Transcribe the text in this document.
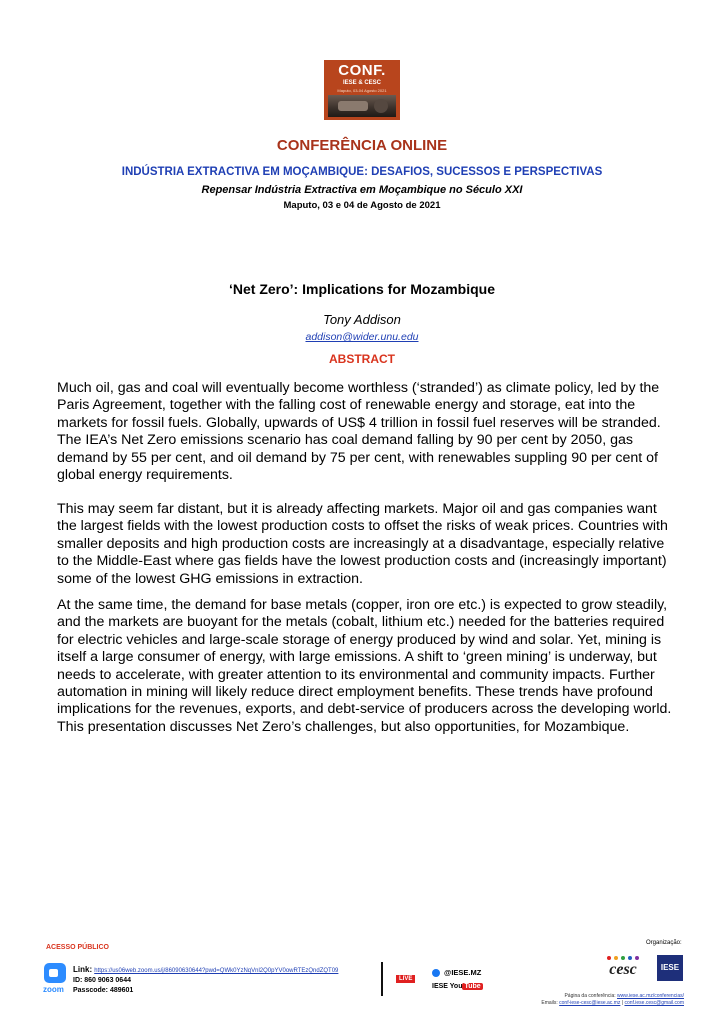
CONF.
IESE & CESC
Maputo, 03-04 Agosto 2021
CONFERÊNCIA ONLINE
INDÚSTRIA EXTRACTIVA EM MOÇAMBIQUE: DESAFIOS, SUCESSOS E PERSPECTIVAS
Repensar Indústria Extractiva em Moçambique no Século XXI
Maputo, 03 e 04 de Agosto de 2021
‘Net Zero’: Implications for Mozambique
Tony Addison
addison@wider.unu.edu
ABSTRACT
Much oil, gas and coal will eventually become worthless (‘stranded’) as climate policy, led by the Paris Agreement, together with the falling cost of renewable energy and storage, eat into the markets for fossil fuels. Globally, upwards of US$ 4 trillion in fossil fuel reserves will be stranded. The IEA’s Net Zero emissions scenario has coal demand falling by 90 per cent by 2050, gas demand by 55 per cent, and oil demand by 75 per cent, with renewables suppling 90 per cent of global energy requirements.
This may seem far distant, but it is already affecting markets. Major oil and gas companies want the largest fields with the lowest production costs to offset the risks of weak prices. Countries with smaller deposits and high production costs are increasingly at a disadvantage, especially relative to the Middle-East where gas fields have the lowest production costs and (increasingly important) some of the lowest GHG emissions in extraction.
At the same time, the demand for base metals (copper, iron ore etc.) is expected to grow steadily, and the markets are buoyant for the metals (cobalt, lithium etc.) needed for the batteries required for electric vehicles and large-scale storage of energy produced by wind and solar. Yet, mining is itself a large consumer of energy, with large emissions. A shift to ‘green mining’ is underway, but needs to accelerate, with greater attention to its environmental and community impacts. Further automation in mining will likely reduce direct employment benefits. These trends have profound implications for the revenues, exports, and debt-service of producers across the developing world. This presentation discusses Net Zero’s challenges, but also opportunities, for Mozambique.
ACESSO PÚBLICO
zoom
Link: https://us06web.zoom.us/j/86090630644?pwd=QWk0YzNqVnl2Q0pYV0owRTEzQndZQT09
ID: 860 9063 0644
Passcode: 489601
LIVE
@IESE.MZ
IESE You Tube
Organização:
cesc	IESE
Página da conferência: www.iese.ac.mz/conferencias/
Emails: conf-iese-cesc@iese.ac.mz | conf.iese.cesc@gmail.com
